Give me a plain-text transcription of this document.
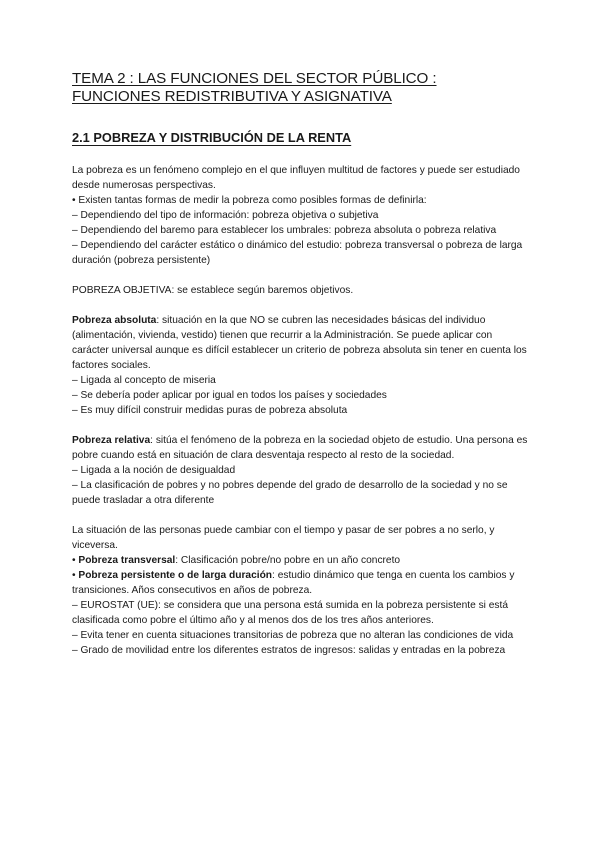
TEMA 2 : LAS FUNCIONES DEL SECTOR PÚBLICO :
FUNCIONES REDISTRIBUTIVA Y ASIGNATIVA
2.1 POBREZA Y DISTRIBUCIÓN DE LA RENTA

La pobreza es un fenómeno complejo en el que influyen multitud de factores y puede ser estudiado desde numerosas perspectivas.

• Existen tantas formas de medir la pobreza como posibles formas de definirla:

– Dependiendo del tipo de información: pobreza objetiva o subjetiva

– Dependiendo del baremo para establecer los umbrales: pobreza absoluta o pobreza relativa

– Dependiendo del carácter estático o dinámico del estudio: pobreza transversal o pobreza de larga duración (pobreza persistente)

POBREZA OBJETIVA: se establece según baremos objetivos.

Pobreza absoluta: situación en la que NO se cubren las necesidades básicas del individuo (alimentación, vivienda, vestido) tienen que recurrir a la Administración. Se puede aplicar con carácter universal aunque es difícil establecer un criterio de pobreza absoluta sin tener en cuenta los factores sociales.

– Ligada al concepto de miseria

– Se debería poder aplicar por igual en todos los países y sociedades

– Es muy difícil construir medidas puras de pobreza absoluta

Pobreza relativa: sitúa el fenómeno de la pobreza en la sociedad objeto de estudio. Una persona es pobre cuando está en situación de clara desventaja respecto al resto de la sociedad.

– Ligada a la noción de desigualdad

– La clasificación de pobres y no pobres depende del grado de desarrollo de la sociedad y no se puede trasladar a otra diferente

La situación de las personas puede cambiar con el tiempo y pasar de ser pobres a no serlo, y viceversa.

• Pobreza transversal: Clasificación pobre/no pobre en un año concreto

• Pobreza persistente o de larga duración: estudio dinámico que tenga en cuenta los cambios y transiciones. Años consecutivos en años de pobreza.

– EUROSTAT (UE): se considera que una persona está sumida en la pobreza persistente si está clasificada como pobre el último año y al menos dos de los tres años anteriores.

– Evita tener en cuenta situaciones transitorias de pobreza que no alteran las condiciones de vida

– Grado de movilidad entre los diferentes estratos de ingresos: salidas y entradas en la pobreza
